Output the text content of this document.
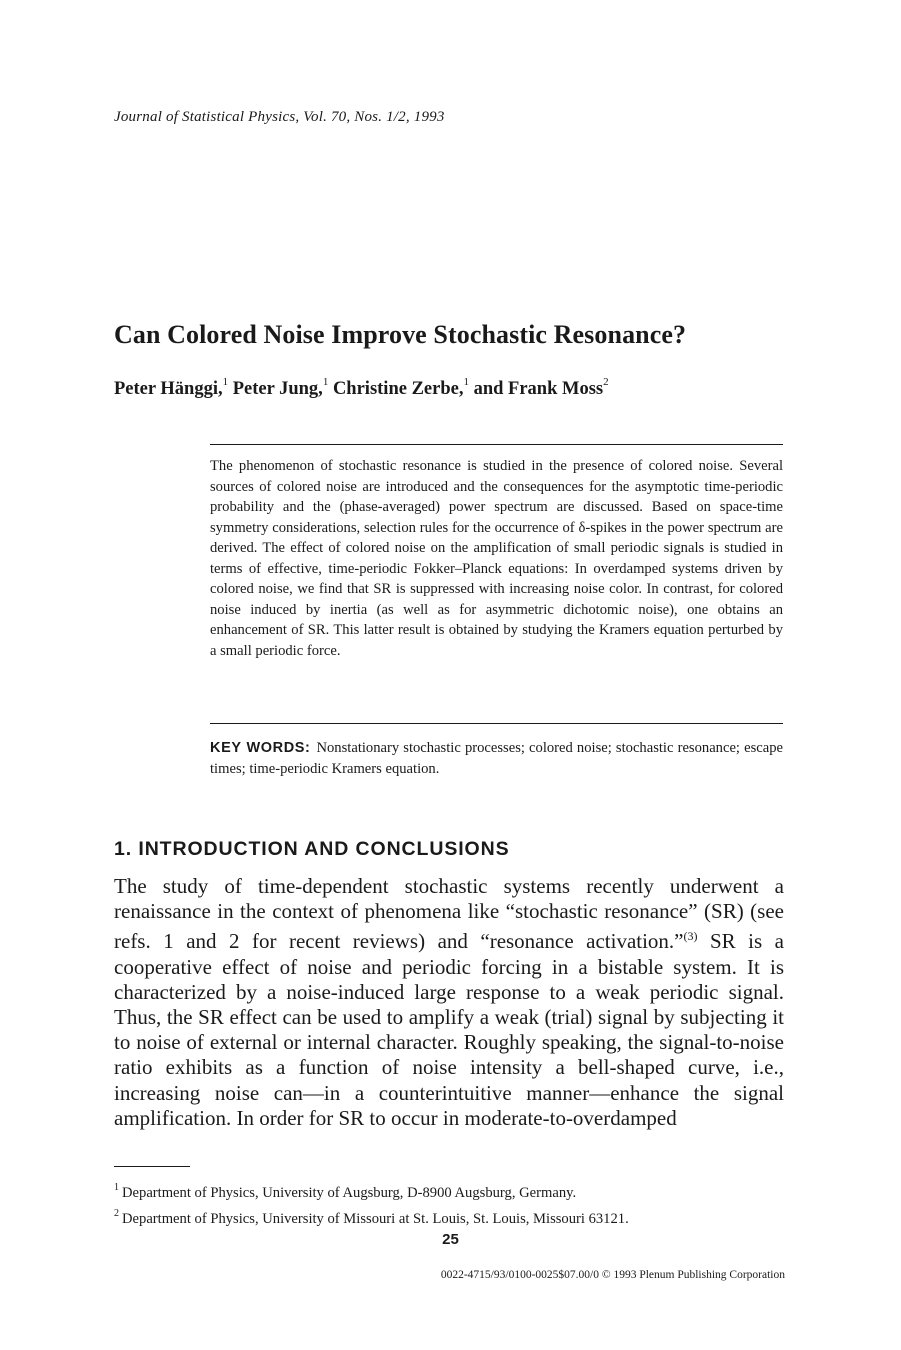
Journal of Statistical Physics, Vol. 70, Nos. 1/2, 1993
Can Colored Noise Improve Stochastic Resonance?
Peter Hänggi,$^1$ Peter Jung,$^1$ Christine Zerbe,$^1$ and Frank Moss$^2$
The phenomenon of stochastic resonance is studied in the presence of colored noise. Several sources of colored noise are introduced and the consequences for the asymptotic time-periodic probability and the (phase-averaged) power spectrum are discussed. Based on space-time symmetry considerations, selection rules for the occurrence of δ-spikes in the power spectrum are derived. The effect of colored noise on the amplification of small periodic signals is studied in terms of effective, time-periodic Fokker–Planck equations: In overdamped systems driven by colored noise, we find that SR is suppressed with increasing noise color. In contrast, for colored noise induced by inertia (as well as for asymmetric dichotomic noise), one obtains an enhancement of SR. This latter result is obtained by studying the Kramers equation perturbed by a small periodic force.
KEY WORDS: Nonstationary stochastic processes; colored noise; stochastic resonance; escape times; time-periodic Kramers equation.
1. INTRODUCTION AND CONCLUSIONS

The study of time-dependent stochastic systems recently underwent a renaissance in the context of phenomena like “stochastic resonance” (SR) (see refs. 1 and 2 for recent reviews) and “resonance activation.”$^{(3)}$ SR is a cooperative effect of noise and periodic forcing in a bistable system. It is characterized by a noise-induced large response to a weak periodic signal. Thus, the SR effect can be used to amplify a weak (trial) signal by subjecting it to noise of external or internal character. Roughly speaking, the signal-to-noise ratio exhibits as a function of noise intensity a bell-shaped curve, i.e., increasing noise can—in a counterintuitive manner—enhance the signal amplification. In order for SR to occur in moderate-to-overdamped

$^1$ Department of Physics, University of Augsburg, D-8900 Augsburg, Germany.
$^2$ Department of Physics, University of Missouri at St. Louis, St. Louis, Missouri 63121.
25
0022-4715/93/0100-0025$07.00/0 © 1993 Plenum Publishing Corporation
